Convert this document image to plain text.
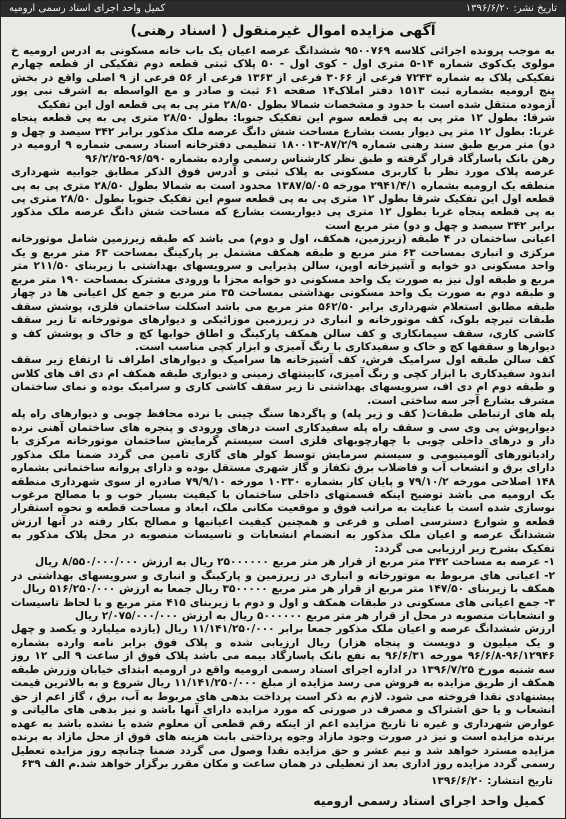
تاریخ نشر: ۱۳۹۶/۶/۲۰
کمیل واحد اجرای اسناد رسمی ارومیه
آگهی مزایده اموال غیرمنقول ( اسناد رهنی)

به موجب پرونده اجرائی کلاسه ۹۵۰۰۷۶۹ ششدانگ عرصه اعیان یک باب خانه مسکونی به آدرس ارومیه خ مولوی یک‌کوی شماره ۱۴-۵ متری اول - کوی اول - ۵۰ پلاک ثبتی قطعه دوم تفکیکی از قطعه چهارم تفکیکی پلاک به شماره ۷۲۴۳ فرعی از ۳۰۶۶ فرعی از ۱۳۶۳ فرعی از ۵۶ فرعی از ۹ اصلی واقع در بخش پنج ارومیه بشماره ثبت ۱۵۱۳ دفتر املاک۱۴ صفحه ۶۱ ثبت و صادر و مع الواسطه به اشرف نبی پور آزموده منتقل شده است با حدود و مشخصات شمالا بطول ۲۸/۵۰ متر پی به پی قطعه اول این تفکیک

شرقا: بطول ۱۲ متر پی به پی قطعه سوم این تفکیک جنوبا: بطول ۲۸/۵۰ متری پی به پی قطعه پنجاه غربا: بطول ۱۲ متر پی دیوار بست بشارع مساحت شش دانگ عرصه ملک مذکور برابر ۳۴۲ سیصد و چهل و دو) متر مربع طبق سند رهنی شماره ۸۷/۲/۹-۱۸۰۰۱۳ تنظیمی دفترخانه اسناد رسمی شماره ۹ ارومیه در رهن بانک پاسارگاد قرار گرفته و طبق نظر کارشناس رسمی وارده بشماره ۹۶/۵۹۰-۹۶/۲/۲۵

عرصه پلاک مورد نظر با کاربری مسکونی به پلاک ثبتی و آدرس فوق الذکر مطابق جوابیه شهرداری منطقه یک ارومیه بشماره ۲۹۴۱/۴/۱ مورخه ۱۳۸۷/۵/۰۵ محدود است به شمالا بطول ۲۸/۵۰ متری پی به پی قطعه اول این تفکیک شرقا بطول ۱۲ متری پی به پی قطعه سوم این تفکیک جنوبا بطول ۲۸/۵۰ متری پی به پی قطعه پنجاه غربا بطول ۱۲ متری پی دیواربست بشارع که مساحت شش دانگ عرصه ملک مذکور برابر ۳۴۲ سیصد و چهل و دو) متر مربع است

اعیانی ساختمان در ۴ طبقه (زیرزمین، همکف، اول و دوم) می باشد که طبقه زیرزمین شامل موتورخانه مرکزی و انباری بمساحت ۶۳ متر مربع و طبقه همکف مشتمل بر پارکینگ بمساحت ۶۳ متر مربع و یک واحد مسکونی دو خوابه و آشپزخانه اوپن، سالن پذیرایی و سرویسهای بهداشتی با زیربنای ۲۱۱/۵۰ متر مربع و طبقه اول نیز به صورت یک واحد مسکونی دو خوابه مجزا با ورودی مشترک بمساحت ۱۹۰ متر مربع و طبقه دوم به صورت یک واحد مسکونی بهداشتی بمساحت ۳۵ متر مربع و جمع کل اعیانی ها در چهار طبقه مطابق استعلام شهرداری برابر ۵۶۲/۵۰ متر مربع می باشد اسکلت ساختمان فلزی، پوشش سقف طبقات تیرچه بلوک، کف موتورخانه و انباری در زیرزمین موزائیکی و دیوارهای موتورخانه تا زیر سقف کاشی کاری، سقف سیمانکاری و کف سالن همکف پارکینگ و اطاق خوابها کچ و خاک و پوشش کف و دیوارها و سقفها کچ و خاک و سفیدکاری با رنگ آمیزی و ابزار کچی مناسب است.

کف سالن طبقه اول سرامیک فرش، کف آشپزخانه ها سرامیک و دیوارهای اطراف تا ارتفاع زیر سقف اندود سفیدکاری با ابزار کچی و رنگ آمیزی، کابینتهای زمینی و دیواری طبقه همکف ام دی اف های کلاس و طبقه دوم ام دی اف، سرویسهای بهداشتی تا زیر سقف کاشی کاری و سرامیک بوده و نمای ساختمان مشرف بشارع آجر سه ساختی است.

پله های ارتباطی طبقات( کف و زیر پله) و پاگردها سنگ چینی با نرده محافظ چوبی و دیوارهای راه پله دیوارپوش پی وی سی و سقف راه پله سفیدکاری است درهای ورودی و پنجره های ساختمان آهنی نرده دار و درهای داخلی چوبی با چهارچوبهای فلزی است سیستم گرمایش ساختمان موتورخانه مرکزی با رادیاتورهای آلومینیومی و سیستم سرمایش توسط کولر های گازی تامین می گردد ضمنا ملک مذکور دارای برق و انشعاب آب و فاضلاب برق تکفاز و گاز شهری مستقل بوده و دارای پروانه ساختمانی بشماره ۱۴۸ اصلاحی مورخه ۷۹/۱۰/۲ و پایان کار بشماره ۱۰۳۳۰ مورخه ۷۹/۹/۱۰ صادره از سوی شهرداری منطقه یک ارومیه می باشد توضیح اینکه قسمتهای داخلی ساختمان با کیفیت بسیار خوب و با مصالح مرغوب نوسازی شده است با عنایت به مراتب فوق و موقعیت مکانی ملک، ابعاد و مساحت قطعه و نحوه استقرار قطعه و شوارع دسترسی اصلی و فرعی و همچنین کیفیت اعیانیها و مصالح بکار رفته در آنها ارزش ششدانگ عرصه و اعیان ملک مذکور به انضمام انشعابات و تاسیسات منصوبه در محل پلاک مذکور به تفکیک بشرح زیر ارزیابی می گردد:

۱- عرصه به مساحت ۳۴۲ متر مربع از قرار هر متر مربع ۲۵۰۰۰۰۰۰ ریال به ارزش ۸/۵۵۰/۰۰۰/۰۰۰ ریال

۲- اعیانی های مربوط به موتورخانه و انباری در زیرزمین و پارکینگ و انباری و سرویسهای بهداشتی در همکف با زیربنای ۱۴۷/۵۰ متر مربع از قرار هر متر مربع ۳۵۰۰۰۰۰ ریال جمعا به ارزش ۵۱۶/۲۵۰/۰۰۰ ریال

۳- جمع اعیانی های مسکونی در طبقات همکف و اول و دوم با زیربنای ۴۱۵ متر مربع و با لحاظ تاسیسات و انشعابات منصوبه در محل از قرار هر متر مربع ۵۰۰۰۰۰۰ ریال به ارزش ۲/۰۷۵/۰۰۰/۰۰۰ ریال

ارزش ششدانگ عرصه و اعیان ملک مذکور جمعا برابر ۱۱/۱۴۱/۲۵۰/۰۰۰ ریال (یازده میلیارد و یکصد و چهل و یک میلیون و دویست و پنجاه هزار) ریال ارزیابی شده و پلاک فوق برابر نامه وارده بشماره ۹۶/۱۲۹۴۶-۹۶/۶/۸ مورخه ۹۶/۶/۳۱ به نفع بانک پاسارگاد بیمه می باشد پلاک فوق از ساعت ۹ الی ۱۲ روز سه شنبه مورخ ۱۳۹۶/۷/۲۵ در اداره اجرای اسناد رسمی ارومیه واقع در ارومیه ابتدای خیابان وزرش طبقه همکف از طریق مزایده به فروش می رسد مزایده از مبلغ ۱۱/۱۴۱/۲۵۰/۰۰۰ ریال شروع و به بالاترین قیمت پیشنهادی نقدا فروخته می شود. لازم به ذکر است پرداخت بدهی های مربوط به آب، برق ، گاز اعم از حق انشعاب و یا حق اشتراک و مصرف در صورتی که مورد مزایده دارای آنها باشد و نیز بدهی های مالیاتی و عوارض شهرداری و غیره تا تاریخ مزایده اعم از اینکه رقم قطعی آن معلوم شده یا نشده باشد به عهده برنده مزایده است و نیز در صورت وجود مازاد وجوه پرداختی بابت هزینه های فوق از محل مازاد به برنده مزایده مسترد خواهد شد و نیم عشر و حق مزایده نقدا وصول می گردد ضمنا چنانچه روز مزایده تعطیل رسمی گردد مزایده روز اداری بعد از تعطیلی در همان ساعت و مکان مقرر برگزار خواهد شد.م الف ۶۳۹

تاریخ انتشار: ۱۳۹۶/۶/۲۰
کمیل واحد اجرای اسناد رسمی ارومیه
